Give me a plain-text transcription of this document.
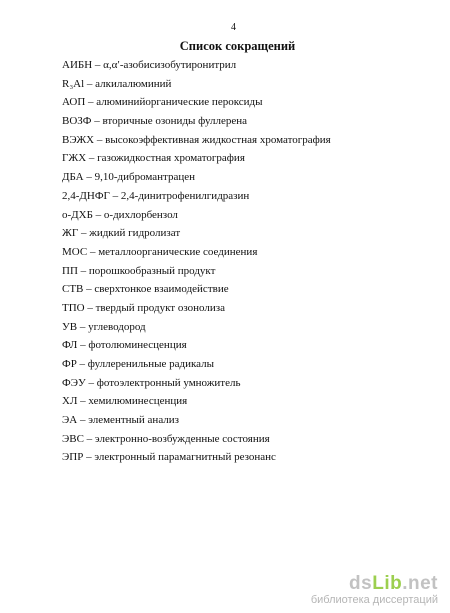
4
Список сокращений
АИБН – α,α′-азобисизобутиронитрил
R₃Al – алкилалюминий
АОП – алюминийорганические пероксиды
ВОЗФ – вторичные озониды фуллерена
ВЭЖХ – высокоэффективная жидкостная хроматография
ГЖХ – газожидкостная хроматография
ДБА – 9,10-дибромантрацен
2,4-ДНФГ – 2,4-динитрофенилгидразин
о-ДХБ – о-дихлорбензол
ЖГ – жидкий гидролизат
МОС – металлоорганические соединения
ПП – порошкообразный продукт
СТВ – сверхтонкое взаимодействие
ТПО – твердый продукт озонолиза
УВ – углеводород
ФЛ – фотолюминесценция
ФР – фуллеренильные радикалы
ФЭУ – фотоэлектронный умножитель
ХЛ – хемилюминесценция
ЭА – элементный анализ
ЭВС – электронно-возбужденные состояния
ЭПР – электронный парамагнитный резонанс
dsLib.net
библиотека диссертаций
